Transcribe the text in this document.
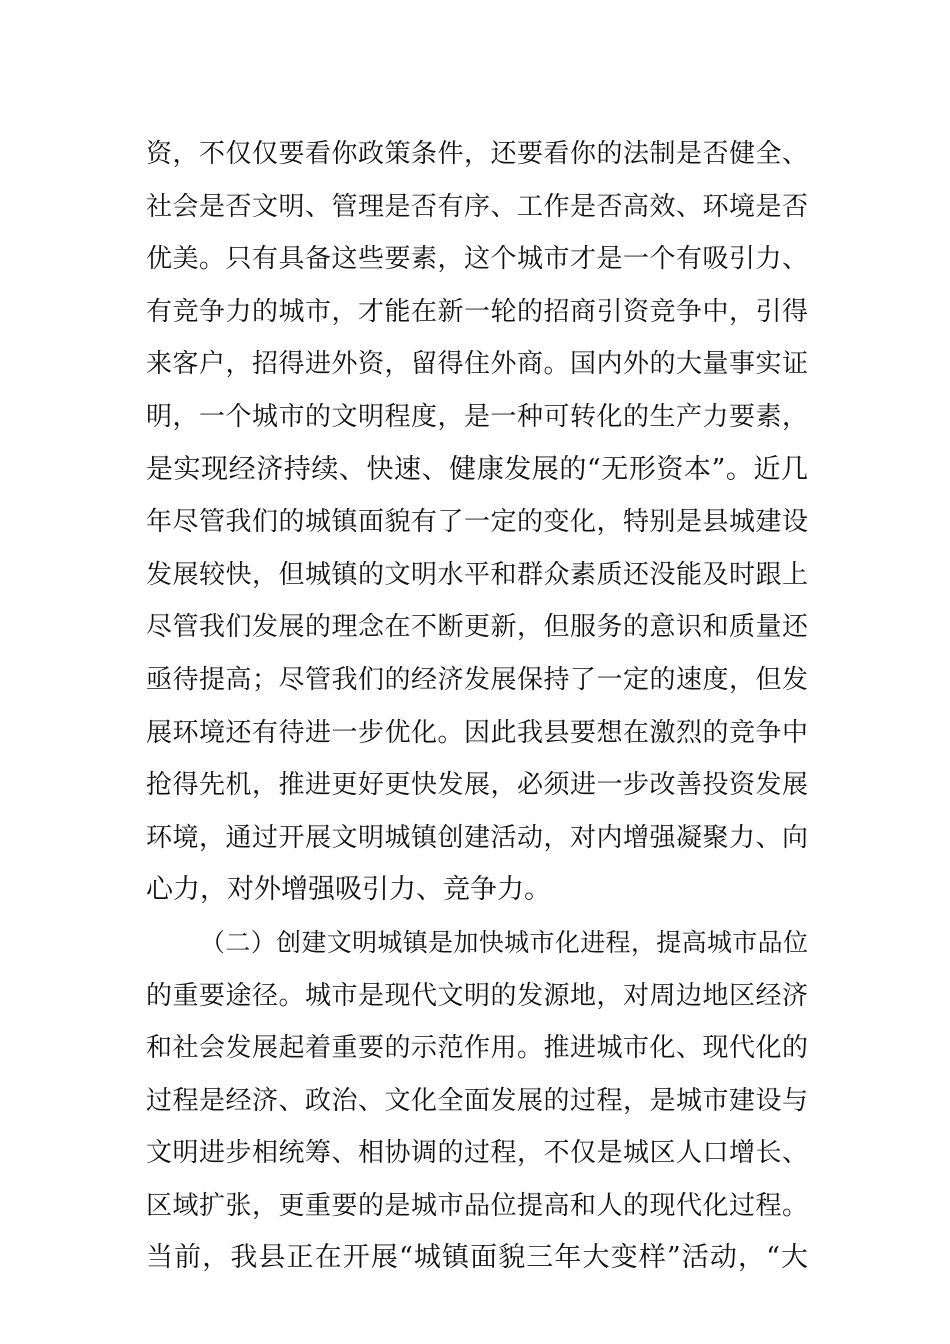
资，不仅仅要看你政策条件，还要看你的法制是否健全、
社会是否文明、管理是否有序、工作是否高效、环境是否
优美。只有具备这些要素，这个城市才是一个有吸引力、
有竞争力的城市，才能在新一轮的招商引资竞争中，引得
来客户，招得进外资，留得住外商。国内外的大量事实证
明，一个城市的文明程度，是一种可转化的生产力要素，
是实现经济持续、快速、健康发展的“无形资本”。近几
年尽管我们的城镇面貌有了一定的变化，特别是县城建设
发展较快，但城镇的文明水平和群众素质还没能及时跟上
尽管我们发展的理念在不断更新，但服务的意识和质量还
亟待提高；尽管我们的经济发展保持了一定的速度，但发
展环境还有待进一步优化。因此我县要想在激烈的竞争中
抢得先机，推进更好更快发展，必须进一步改善投资发展
环境，通过开展文明城镇创建活动，对内增强凝聚力、向
心力，对外增强吸引力、竞争力。
（二）创建文明城镇是加快城市化进程，提高城市品位
的重要途径。城市是现代文明的发源地，对周边地区经济
和社会发展起着重要的示范作用。推进城市化、现代化的
过程是经济、政治、文化全面发展的过程，是城市建设与
文明进步相统筹、相协调的过程，不仅是城区人口增长、
区域扩张，更重要的是城市品位提高和人的现代化过程。
当前，我县正在开展“城镇面貌三年大变样”活动，“大
